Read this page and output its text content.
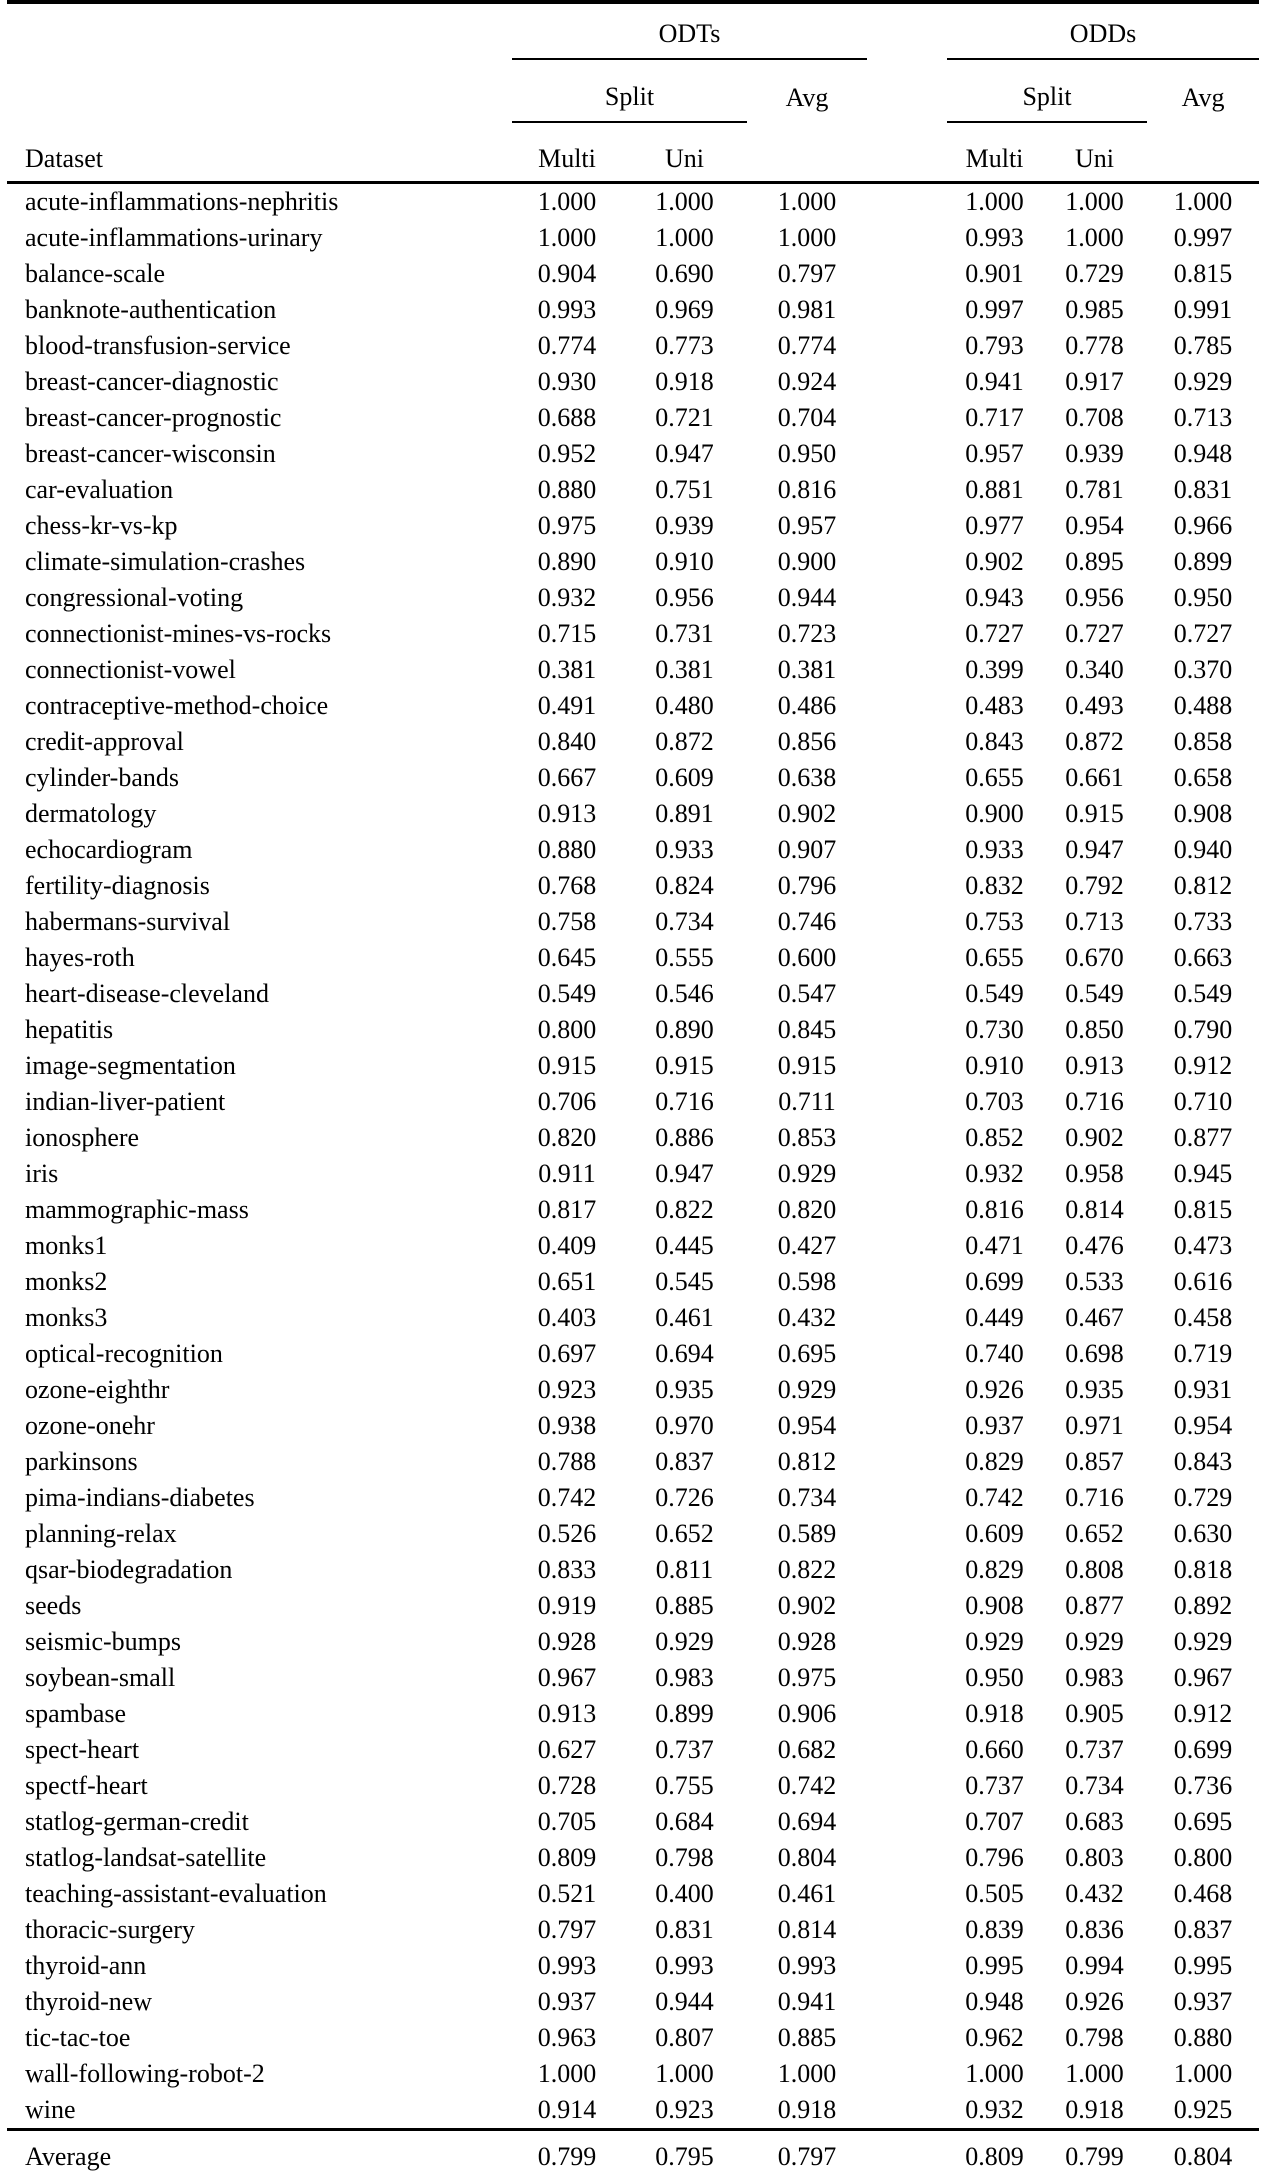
	ODTs				ODDs		

	Split		Avg		Split		Avg
Dataset	Multi	Uni			Multi	Uni	
acute-inflammations-nephritis	1.000	1.000	1.000		1.000	1.000	1.000
acute-inflammations-urinary	1.000	1.000	1.000		0.993	1.000	0.997
balance-scale	0.904	0.690	0.797		0.901	0.729	0.815
banknote-authentication	0.993	0.969	0.981		0.997	0.985	0.991
blood-transfusion-service	0.774	0.773	0.774		0.793	0.778	0.785
breast-cancer-diagnostic	0.930	0.918	0.924		0.941	0.917	0.929
breast-cancer-prognostic	0.688	0.721	0.704		0.717	0.708	0.713
breast-cancer-wisconsin	0.952	0.947	0.950		0.957	0.939	0.948
car-evaluation	0.880	0.751	0.816		0.881	0.781	0.831
chess-kr-vs-kp	0.975	0.939	0.957		0.977	0.954	0.966
climate-simulation-crashes	0.890	0.910	0.900		0.902	0.895	0.899
congressional-voting	0.932	0.956	0.944		0.943	0.956	0.950
connectionist-mines-vs-rocks	0.715	0.731	0.723		0.727	0.727	0.727
connectionist-vowel	0.381	0.381	0.381		0.399	0.340	0.370
contraceptive-method-choice	0.491	0.480	0.486		0.483	0.493	0.488
credit-approval	0.840	0.872	0.856		0.843	0.872	0.858
cylinder-bands	0.667	0.609	0.638		0.655	0.661	0.658
dermatology	0.913	0.891	0.902		0.900	0.915	0.908
echocardiogram	0.880	0.933	0.907		0.933	0.947	0.940
fertility-diagnosis	0.768	0.824	0.796		0.832	0.792	0.812
habermans-survival	0.758	0.734	0.746		0.753	0.713	0.733
hayes-roth	0.645	0.555	0.600		0.655	0.670	0.663
heart-disease-cleveland	0.549	0.546	0.547		0.549	0.549	0.549
hepatitis	0.800	0.890	0.845		0.730	0.850	0.790
image-segmentation	0.915	0.915	0.915		0.910	0.913	0.912
indian-liver-patient	0.706	0.716	0.711		0.703	0.716	0.710
ionosphere	0.820	0.886	0.853		0.852	0.902	0.877
iris	0.911	0.947	0.929		0.932	0.958	0.945
mammographic-mass	0.817	0.822	0.820		0.816	0.814	0.815
monks1	0.409	0.445	0.427		0.471	0.476	0.473
monks2	0.651	0.545	0.598		0.699	0.533	0.616
monks3	0.403	0.461	0.432		0.449	0.467	0.458
optical-recognition	0.697	0.694	0.695		0.740	0.698	0.719
ozone-eighthr	0.923	0.935	0.929		0.926	0.935	0.931
ozone-onehr	0.938	0.970	0.954		0.937	0.971	0.954
parkinsons	0.788	0.837	0.812		0.829	0.857	0.843
pima-indians-diabetes	0.742	0.726	0.734		0.742	0.716	0.729
planning-relax	0.526	0.652	0.589		0.609	0.652	0.630
qsar-biodegradation	0.833	0.811	0.822		0.829	0.808	0.818
seeds	0.919	0.885	0.902		0.908	0.877	0.892
seismic-bumps	0.928	0.929	0.928		0.929	0.929	0.929
soybean-small	0.967	0.983	0.975		0.950	0.983	0.967
spambase	0.913	0.899	0.906		0.918	0.905	0.912
spect-heart	0.627	0.737	0.682		0.660	0.737	0.699
spectf-heart	0.728	0.755	0.742		0.737	0.734	0.736
statlog-german-credit	0.705	0.684	0.694		0.707	0.683	0.695
statlog-landsat-satellite	0.809	0.798	0.804		0.796	0.803	0.800
teaching-assistant-evaluation	0.521	0.400	0.461		0.505	0.432	0.468
thoracic-surgery	0.797	0.831	0.814		0.839	0.836	0.837
thyroid-ann	0.993	0.993	0.993		0.995	0.994	0.995
thyroid-new	0.937	0.944	0.941		0.948	0.926	0.937
tic-tac-toe	0.963	0.807	0.885		0.962	0.798	0.880
wall-following-robot-2	1.000	1.000	1.000		1.000	1.000	1.000
wine	0.914	0.923	0.918		0.932	0.918	0.925
Average	0.799	0.795	0.797		0.809	0.799	0.804
